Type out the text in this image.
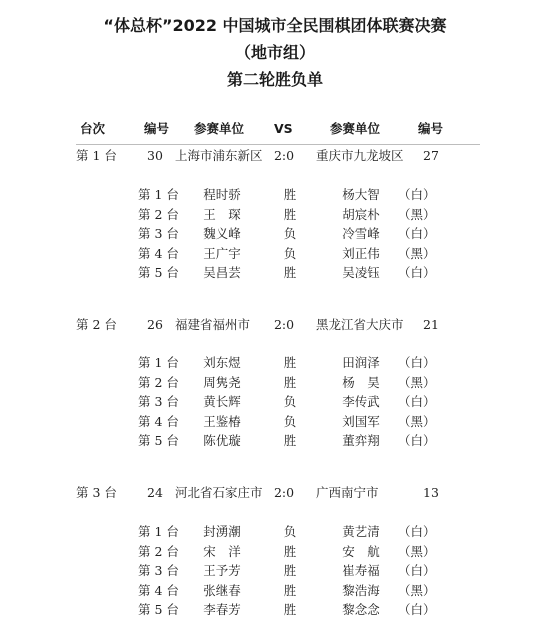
“体总杯”2022 中国城市全民围棋团体联赛决赛
（地市组）
第二轮胜负单
台次	编号 参赛单位 VS	参赛单位	编号
第 1 台	30 上海市浦东新区 2:0	重庆市九龙坡区	27
第 1 台	程时骄	胜	杨大智	（白）
第 2 台	王　琛	胜	胡宸朴	（黑）
第 3 台	魏义峰	负	冷雪峰	（白）
第 4 台	王广宇	负	刘正伟	（黑）
第 5 台	吴昌芸	胜	吴凌钰	（白）
第 2 台	26 福建省福州市	2:0	黑龙江省大庆市	21
第 1 台	刘东煜	胜	田润泽	（白）
第 2 台	周隽尧	胜	杨　昊	（黑）
第 3 台	黄长辉	负	李传武	（白）
第 4 台	王鉴椿	负	刘国军	（黑）
第 5 台	陈优璇	胜	董弈翔	（白）
第 3 台	24 河北省石家庄市 2:0	广西南宁市	13
第 1 台	封湧潮	负	黄艺清	（白）
第 2 台	宋　洋	胜	安　航	（黑）
第 3 台	王予芳	胜	崔寿福	（白）
第 4 台	张继春	胜	黎浩海	（黑）
第 5 台	李春芳	胜	黎念念	（白）
